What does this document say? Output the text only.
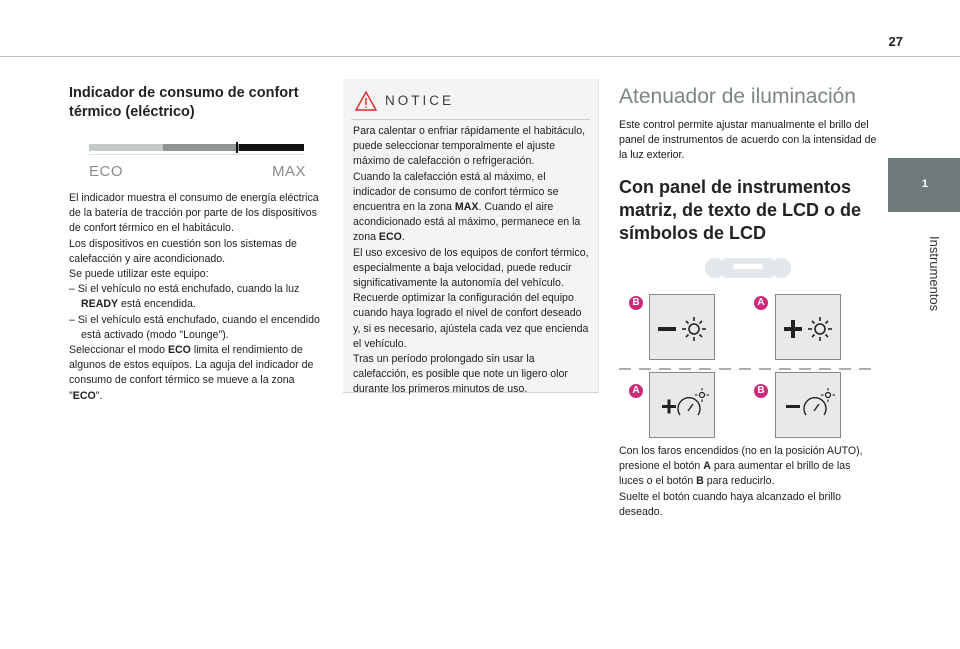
27
1
Instrumentos
Indicador de consumo de confort térmico (eléctrico)
ECO	MAX

El indicador muestra el consumo de energía eléctrica de la batería de tracción por parte de los dispositivos de confort térmico en el habitáculo.

Los dispositivos en cuestión son los sistemas de calefacción y aire acondicionado.

Se puede utilizar este equipo:

– Si el vehículo no está enchufado, cuando la luz READY está encendida.

– Si el vehículo está enchufado, cuando el encendido está activado (modo "Lounge").

Seleccionar el modo ECO limita el rendimiento de algunos de estos equipos. La aguja del indicador de consumo de confort térmico se mueve a la zona "ECO".

NOTICE

Para calentar o enfriar rápidamente el habitáculo, puede seleccionar temporalmente el ajuste máximo de calefacción o refrigeración.

Cuando la calefacción está al máximo, el indicador de consumo de confort térmico se encuentra en la zona MAX. Cuando el aire acondicionado está al máximo, permanece en la zona ECO.

El uso excesivo de los equipos de confort térmico, especialmente a baja velocidad, puede reducir significativamente la autonomía del vehículo.

Recuerde optimizar la configuración del equipo cuando haya logrado el nivel de confort deseado y, si es necesario, ajústela cada vez que encienda el vehículo.

Tras un período prolongado sin usar la calefacción, es posible que note un ligero olor durante los primeros minutos de uso.

Atenuador de iluminación

Este control permite ajustar manualmente el brillo del panel de instrumentos de acuerdo con la intensidad de la luz exterior.

Con panel de instrumentos matriz, de texto de LCD o de símbolos de LCD
B	A
A	B

Con los faros encendidos (no en la posición AUTO), presione el botón A para aumentar el brillo de las luces o el botón B para reducirlo.

Suelte el botón cuando haya alcanzado el brillo deseado.
